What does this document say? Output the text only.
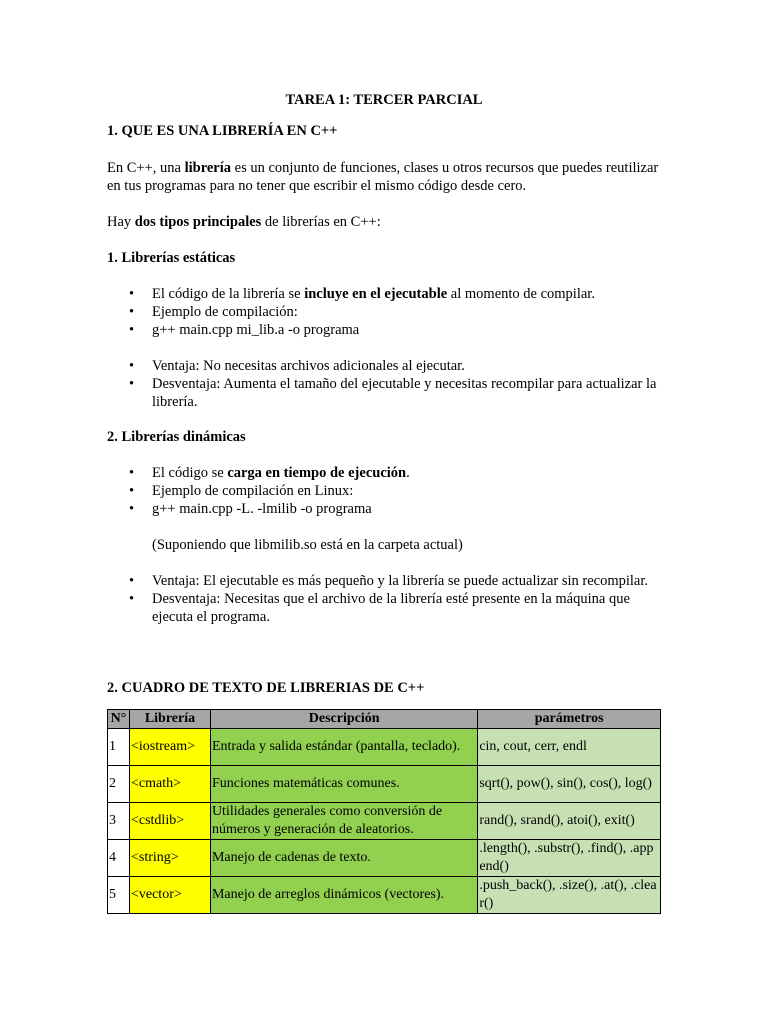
TAREA 1: TERCER PARCIAL
1. QUE ES UNA LIBRERÍA EN C++
En C++, una librería es un conjunto de funciones, clases u otros recursos que puedes reutilizar en tus programas para no tener que escribir el mismo código desde cero.
Hay dos tipos principales de librerías en C++:
1. Librerías estáticas
• El código de la librería se incluye en el ejecutable al momento de compilar.
• Ejemplo de compilación:
• g++ main.cpp mi_lib.a -o programa
• Ventaja: No necesitas archivos adicionales al ejecutar.
• Desventaja: Aumenta el tamaño del ejecutable y necesitas recompilar para actualizar la librería.
2. Librerías dinámicas
• El código se carga en tiempo de ejecución.
• Ejemplo de compilación en Linux:
• g++ main.cpp -L. -lmilib -o programa
(Suponiendo que libmilib.so está en la carpeta actual)
• Ventaja: El ejecutable es más pequeño y la librería se puede actualizar sin recompilar.
• Desventaja: Necesitas que el archivo de la librería esté presente en la máquina que ejecuta el programa.
2. CUADRO DE TEXTO DE LIBRERIAS DE C++
N°	Librería	Descripción	parámetros
1	<iostream>	Entrada y salida estándar (pantalla, teclado).	cin, cout, cerr, endl
2	<cmath>	Funciones matemáticas comunes.	sqrt(), pow(), sin(), cos(), log()
3	<cstdlib>	Utilidades generales como conversión de números y generación de aleatorios.	rand(), srand(), atoi(), exit()
4	<string>	Manejo de cadenas de texto.	.length(), .substr(), .find(), .append()
5	<vector>	Manejo de arreglos dinámicos (vectores).	.push_back(), .size(), .at(), .clear()
